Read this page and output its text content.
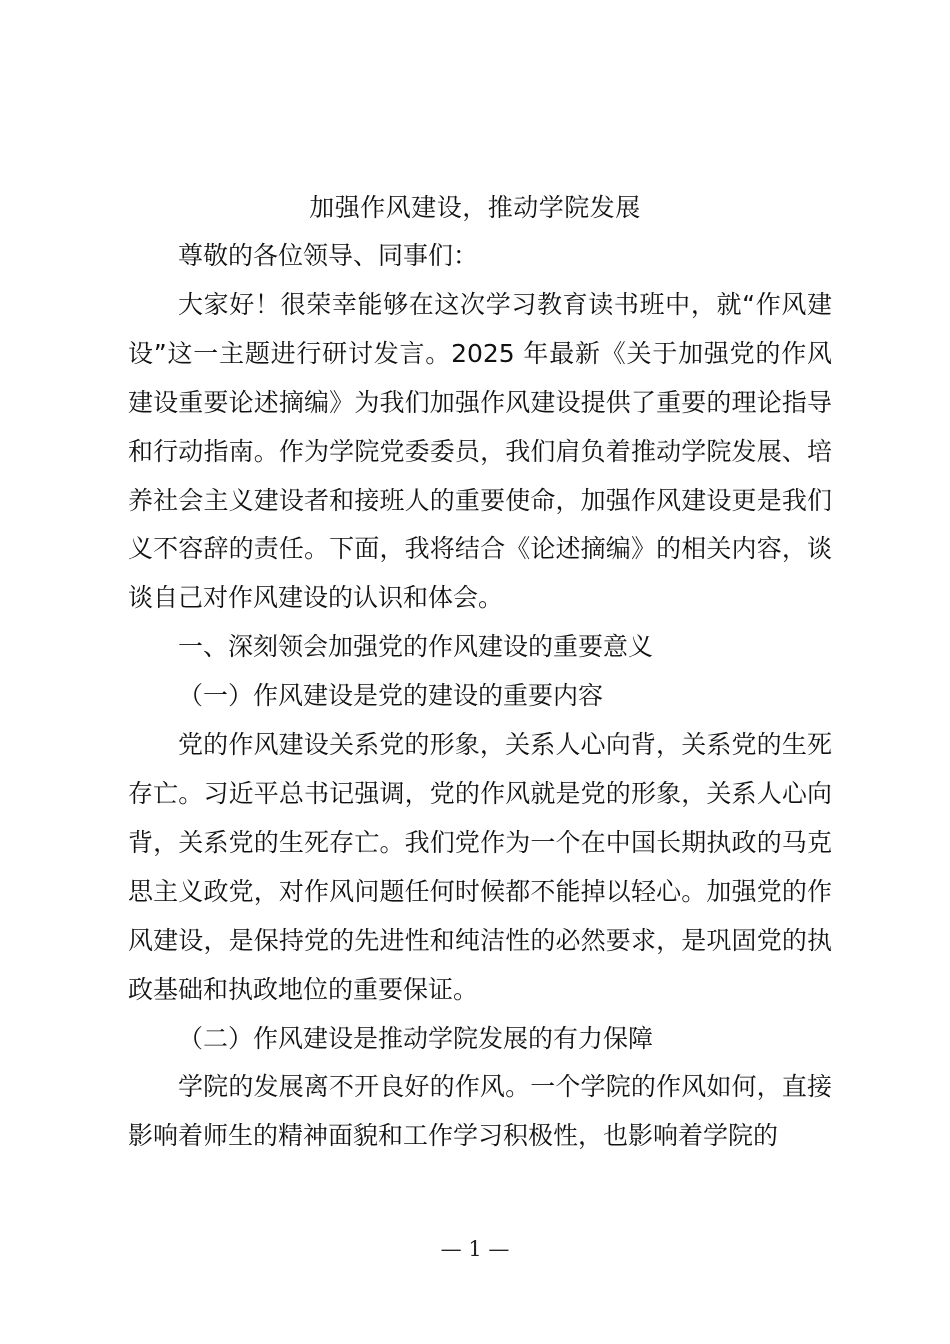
加强作风建设，推动学院发展

尊敬的各位领导、同事们：

大家好！很荣幸能够在这次学习教育读书班中，就“作风建设”这一主题进行研讨发言。2025 年最新《关于加强党的作风建设重要论述摘编》为我们加强作风建设提供了重要的理论指导和行动指南。作为学院党委委员，我们肩负着推动学院发展、培养社会主义建设者和接班人的重要使命，加强作风建设更是我们义不容辞的责任。下面，我将结合《论述摘编》的相关内容，谈谈自己对作风建设的认识和体会。

一、深刻领会加强党的作风建设的重要意义

（一）作风建设是党的建设的重要内容

党的作风建设关系党的形象，关系人心向背，关系党的生死存亡。习近平总书记强调，党的作风就是党的形象，关系人心向背，关系党的生死存亡。我们党作为一个在中国长期执政的马克思主义政党，对作风问题任何时候都不能掉以轻心。加强党的作风建设，是保持党的先进性和纯洁性的必然要求，是巩固党的执政基础和执政地位的重要保证。

（二）作风建设是推动学院发展的有力保障

学院的发展离不开良好的作风。一个学院的作风如何，直接影响着师生的精神面貌和工作学习积极性，也影响着学院的

— 1 —
